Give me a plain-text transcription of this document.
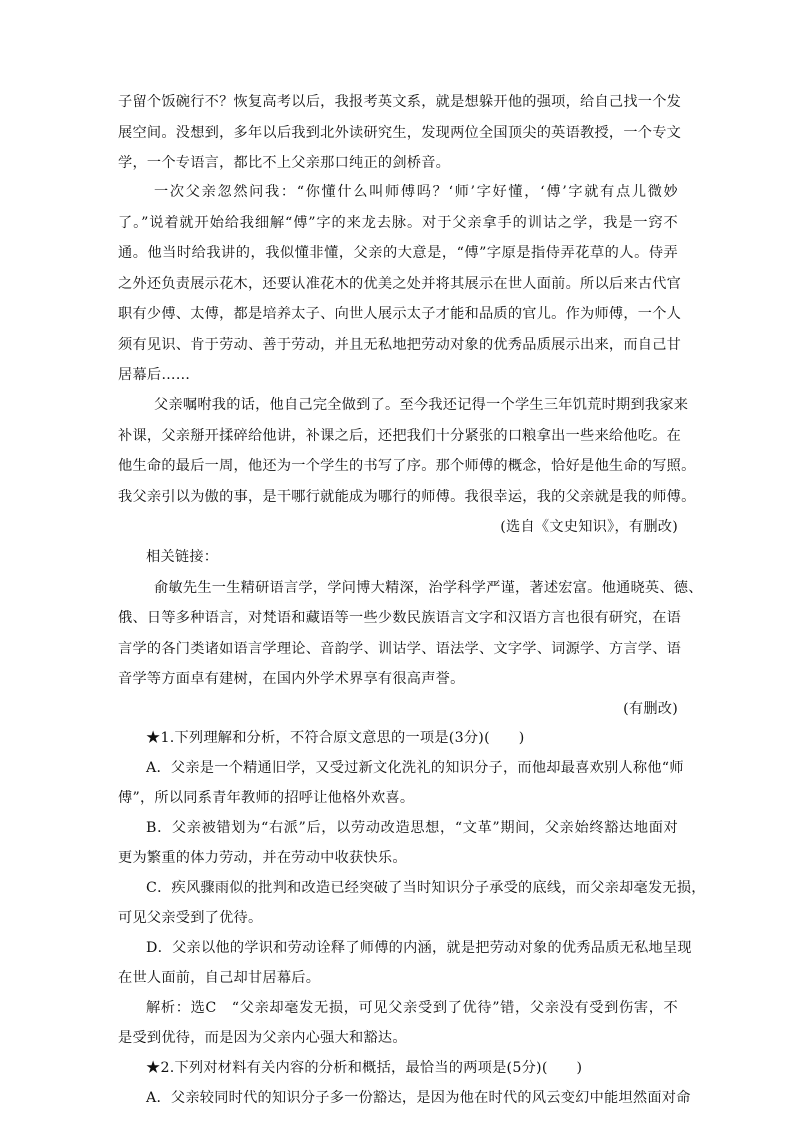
子留个饭碗行不？恢复高考以后，我报考英文系，就是想躲开他的强项，给自己找一个发
展空间。没想到，多年以后我到北外读研究生，发现两位全国顶尖的英语教授，一个专文
学，一个专语言，都比不上父亲那口纯正的剑桥音。
一次父亲忽然问我：“你懂什么叫师傅吗？‘师’字好懂，‘傅’字就有点儿微妙
了。”说着就开始给我细解“傅”字的来龙去脉。对于父亲拿手的训诂之学，我是一窍不
通。他当时给我讲的，我似懂非懂，父亲的大意是，“傅”字原是指侍弄花草的人。侍弄
之外还负责展示花木，还要认准花木的优美之处并将其展示在世人面前。所以后来古代官
职有少傅、太傅，都是培养太子、向世人展示太子才能和品质的官儿。作为师傅，一个人
须有见识、肯于劳动、善于劳动，并且无私地把劳动对象的优秀品质展示出来，而自己甘
居幕后……
父亲嘱咐我的话，他自己完全做到了。至今我还记得一个学生三年饥荒时期到我家来
补课，父亲掰开揉碎给他讲，补课之后，还把我们十分紧张的口粮拿出一些来给他吃。在
他生命的最后一周，他还为一个学生的书写了序。那个师傅的概念，恰好是他生命的写照。
我父亲引以为傲的事，是干哪行就能成为哪行的师傅。我很幸运，我的父亲就是我的师傅。
(选自《文史知识》，有删改)
相关链接：
俞敏先生一生精研语言学，学问博大精深，治学科学严谨，著述宏富。他通晓英、德、
俄、日等多种语言，对梵语和藏语等一些少数民族语言文字和汉语方言也很有研究，在语
言学的各门类诸如语言学理论、音韵学、训诂学、语法学、文字学、词源学、方言学、语
音学等方面卓有建树，在国内外学术界享有很高声誉。
(有删改)
★1.下列理解和分析，不符合原文意思的一项是(3分)(　　)
A．父亲是一个精通旧学，又受过新文化洗礼的知识分子，而他却最喜欢别人称他“师
傅”，所以同系青年教师的招呼让他格外欢喜。
B．父亲被错划为“右派”后，以劳动改造思想，“文革”期间，父亲始终豁达地面对
更为繁重的体力劳动，并在劳动中收获快乐。
C．疾风骤雨似的批判和改造已经突破了当时知识分子承受的底线，而父亲却毫发无损，
可见父亲受到了优待。
D．父亲以他的学识和劳动诠释了师傅的内涵，就是把劳动对象的优秀品质无私地呈现
在世人面前，自己却甘居幕后。
解析：选C　“父亲却毫发无损，可见父亲受到了优待”错，父亲没有受到伤害，不
是受到优待，而是因为父亲内心强大和豁达。
★2.下列对材料有关内容的分析和概括，最恰当的两项是(5分)(　　)
A．父亲较同时代的知识分子多一份豁达，是因为他在时代的风云变幻中能坦然面对命
